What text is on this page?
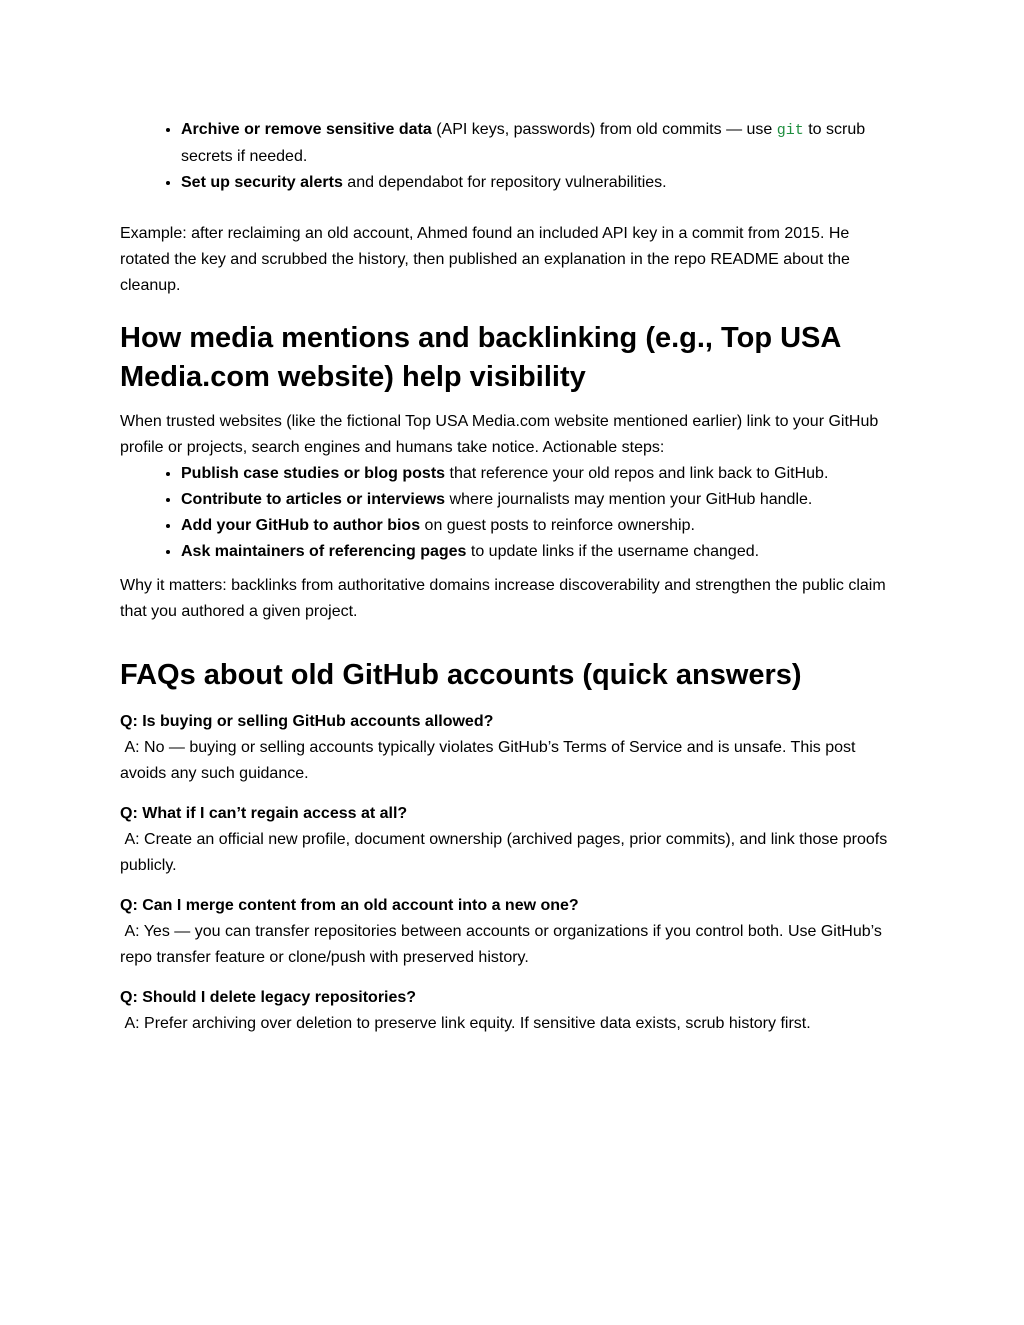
• Archive or remove sensitive data (API keys, passwords) from old commits — use git to scrub secrets if needed.
• Set up security alerts and dependabot for repository vulnerabilities.

Example: after reclaiming an old account, Ahmed found an included API key in a commit from 2015. He rotated the key and scrubbed the history, then published an explanation in the repo README about the cleanup.

How media mentions and backlinking (e.g., Top USA Media.com website) help visibility

When trusted websites (like the fictional Top USA Media.com website mentioned earlier) link to your GitHub profile or projects, search engines and humans take notice. Actionable steps:

• Publish case studies or blog posts that reference your old repos and link back to GitHub.
• Contribute to articles or interviews where journalists may mention your GitHub handle.
• Add your GitHub to author bios on guest posts to reinforce ownership.
• Ask maintainers of referencing pages to update links if the username changed.

Why it matters: backlinks from authoritative domains increase discoverability and strengthen the public claim that you authored a given project.

FAQs about old GitHub accounts (quick answers)

Q: Is buying or selling GitHub accounts allowed?

A: No — buying or selling accounts typically violates GitHub’s Terms of Service and is unsafe. This post avoids any such guidance.

Q: What if I can’t regain access at all?

A: Create an official new profile, document ownership (archived pages, prior commits), and link those proofs publicly.

Q: Can I merge content from an old account into a new one?

A: Yes — you can transfer repositories between accounts or organizations if you control both. Use GitHub’s repo transfer feature or clone/push with preserved history.

Q: Should I delete legacy repositories?

A: Prefer archiving over deletion to preserve link equity. If sensitive data exists, scrub history first.
